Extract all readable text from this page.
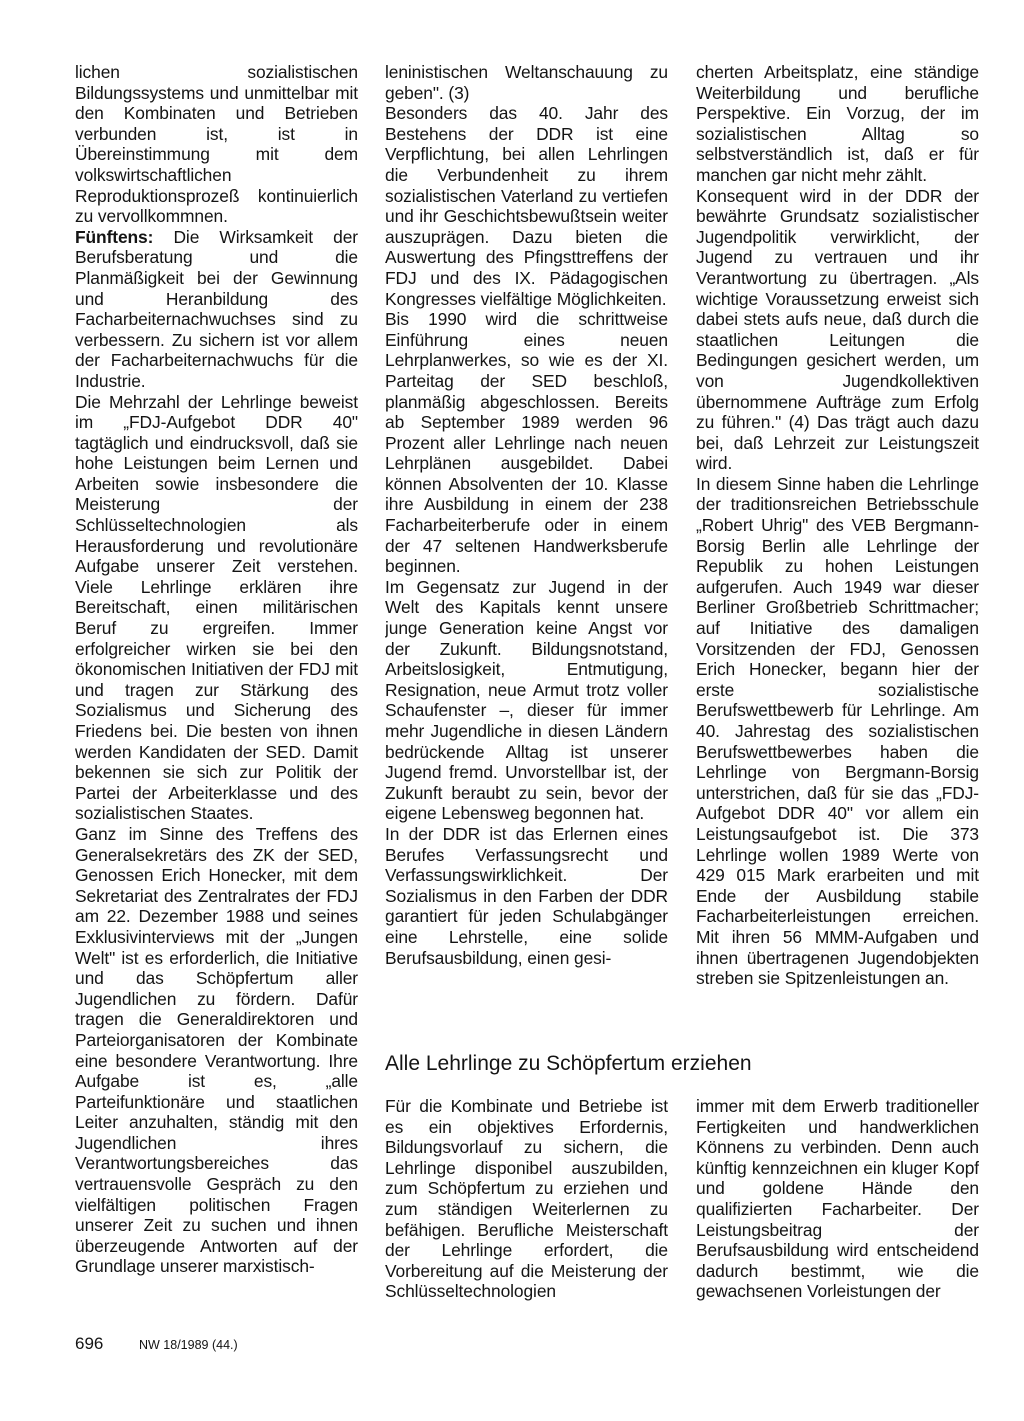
lichen sozialistischen Bildungssystems und unmittelbar mit den Kombinaten und Betrieben verbunden ist, ist in Übereinstimmung mit dem volkswirtschaftlichen Reproduktionsprozeß kontinuierlich zu vervollkommnen.

Fünftens: Die Wirksamkeit der Berufsberatung und die Planmäßigkeit bei der Gewinnung und Heranbildung des Facharbeiternachwuchses sind zu verbessern. Zu sichern ist vor allem der Facharbeiternachwuchs für die Industrie.

Die Mehrzahl der Lehrlinge beweist im „FDJ-Aufgebot DDR 40" tagtäglich und eindrucksvoll, daß sie hohe Leistungen beim Lernen und Arbeiten sowie insbesondere die Meisterung der Schlüsseltechnologien als Herausforderung und revolutionäre Aufgabe unserer Zeit verstehen. Viele Lehrlinge erklären ihre Bereitschaft, einen militärischen Beruf zu ergreifen. Immer erfolgreicher wirken sie bei den ökonomischen Initiativen der FDJ mit und tragen zur Stärkung des Sozialismus und Sicherung des Friedens bei. Die besten von ihnen werden Kandidaten der SED. Damit bekennen sie sich zur Politik der Partei der Arbeiterklasse und des sozialistischen Staates.

Ganz im Sinne des Treffens des Generalsekretärs des ZK der SED, Genossen Erich Honecker, mit dem Sekretariat des Zentralrates der FDJ am 22. Dezember 1988 und seines Exklusivinterviews mit der „Jungen Welt" ist es erforderlich, die Initiative und das Schöpfertum aller Jugendlichen zu fördern. Dafür tragen die Generaldirektoren und Parteiorganisatoren der Kombinate eine besondere Verantwortung. Ihre Aufgabe ist es, „alle Parteifunktionäre und staatlichen Leiter anzuhalten, ständig mit den Jugendlichen ihres Verantwortungsbereiches das vertrauensvolle Gespräch zu den vielfältigen politischen Fragen unserer Zeit zu suchen und ihnen überzeugende Antworten auf der Grundlage unserer marxistisch-

leninistischen Weltanschauung zu geben". (3)

Besonders das 40. Jahr des Bestehens der DDR ist eine Verpflichtung, bei allen Lehrlingen die Verbundenheit zu ihrem sozialistischen Vaterland zu vertiefen und ihr Geschichtsbewußtsein weiter auszuprägen. Dazu bieten die Auswertung des Pfingsttreffens der FDJ und des IX. Pädagogischen Kongresses vielfältige Möglichkeiten.

Bis 1990 wird die schrittweise Einführung eines neuen Lehrplanwerkes, so wie es der XI. Parteitag der SED beschloß, planmäßig abgeschlossen. Bereits ab September 1989 werden 96 Prozent aller Lehrlinge nach neuen Lehrplänen ausgebildet. Dabei können Absolventen der 10. Klasse ihre Ausbildung in einem der 238 Facharbeiterberufe oder in einem der 47 seltenen Handwerksberufe beginnen.

Im Gegensatz zur Jugend in der Welt des Kapitals kennt unsere junge Generation keine Angst vor der Zukunft. Bildungsnotstand, Arbeitslosigkeit, Entmutigung, Resignation, neue Armut trotz voller Schaufenster –, dieser für immer mehr Jugendliche in diesen Ländern bedrückende Alltag ist unserer Jugend fremd. Unvorstellbar ist, der Zukunft beraubt zu sein, bevor der eigene Lebensweg begonnen hat.

In der DDR ist das Erlernen eines Berufes Verfassungsrecht und Verfassungswirklichkeit. Der Sozialismus in den Farben der DDR garantiert für jeden Schulabgänger eine Lehrstelle, eine solide Berufsausbildung, einen gesi-

cherten Arbeitsplatz, eine ständige Weiterbildung und berufliche Perspektive. Ein Vorzug, der im sozialistischen Alltag so selbstverständlich ist, daß er für manchen gar nicht mehr zählt.

Konsequent wird in der DDR der bewährte Grundsatz sozialistischer Jugendpolitik verwirklicht, der Jugend zu vertrauen und ihr Verantwortung zu übertragen. „Als wichtige Voraussetzung erweist sich dabei stets aufs neue, daß durch die staatlichen Leitungen die Bedingungen gesichert werden, um von Jugendkollektiven übernommene Aufträge zum Erfolg zu führen." (4) Das trägt auch dazu bei, daß Lehrzeit zur Leistungszeit wird.

In diesem Sinne haben die Lehrlinge der traditionsreichen Betriebsschule „Robert Uhrig" des VEB Bergmann-Borsig Berlin alle Lehrlinge der Republik zu hohen Leistungen aufgerufen. Auch 1949 war dieser Berliner Großbetrieb Schrittmacher; auf Initiative des damaligen Vorsitzenden der FDJ, Genossen Erich Honecker, begann hier der erste sozialistische Berufswettbewerb für Lehrlinge. Am 40. Jahrestag des sozialistischen Berufswettbewerbes haben die Lehrlinge von Bergmann-Borsig unterstrichen, daß für sie das „FDJ-Aufgebot DDR 40" vor allem ein Leistungsaufgebot ist. Die 373 Lehrlinge wollen 1989 Werte von 429 015 Mark erarbeiten und mit Ende der Ausbildung stabile Facharbeiterleistungen erreichen. Mit ihren 56 MMM-Aufgaben und ihnen übertragenen Jugendobjekten streben sie Spitzenleistungen an.

Alle Lehrlinge zu Schöpfertum erziehen

Für die Kombinate und Betriebe ist es ein objektives Erfordernis, Bildungsvorlauf zu sichern, die Lehrlinge disponibel auszubilden, zum Schöpfertum zu erziehen und zum ständigen Weiterlernen zu befähigen. Berufliche Meisterschaft der Lehrlinge erfordert, die Vorbereitung auf die Meisterung der Schlüsseltechnologien

immer mit dem Erwerb traditioneller Fertigkeiten und handwerklichen Könnens zu verbinden. Denn auch künftig kennzeichnen ein kluger Kopf und goldene Hände den qualifizierten Facharbeiter. Der Leistungsbeitrag der Berufsausbildung wird entscheidend dadurch bestimmt, wie die gewachsenen Vorleistungen der

696	NW 18/1989 (44.)
